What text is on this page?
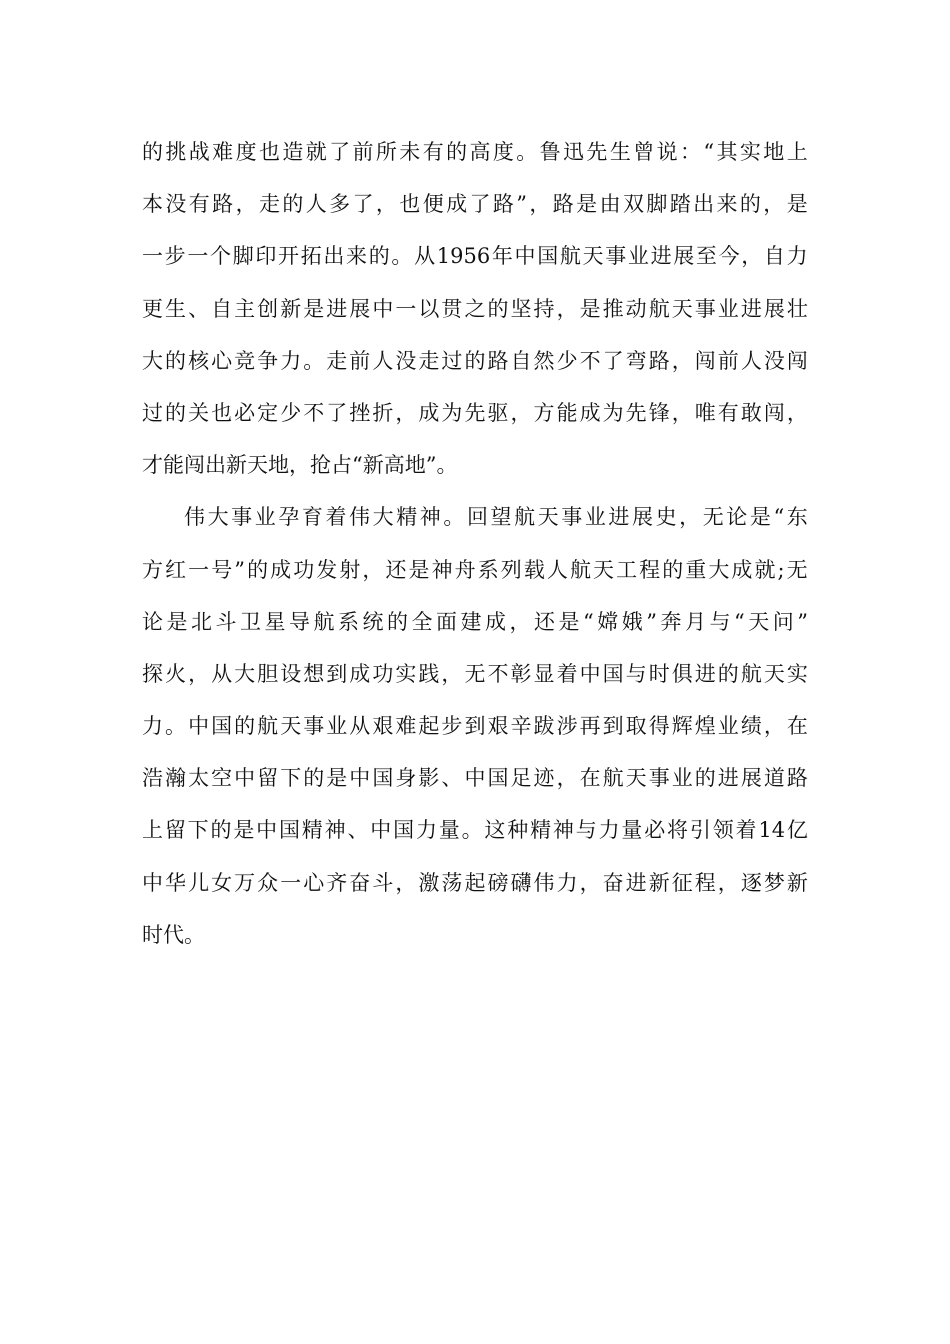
的 挑 战 难 度 也 造 就 了 前 所 未 有 的 高 度 。 鲁 迅 先 生 曾 说 ： “ 其 实 地 上
本 没 有 路 ， 走 的 人 多 了 ， 也 便 成 了 路 ” ， 路 是 由 双 脚 踏 出 来 的 ， 是
一 步 一 个 脚 印 开 拓 出 来 的 。 从 1956 年 中 国 航 天 事 业 进 展 至 今 ， 自 力
更 生 、 自 主 创 新 是 进 展 中 一 以 贯 之 的 坚 持 ， 是 推 动 航 天 事 业 进 展 壮
大 的 核 心 竞 争 力 。 走 前 人 没 走 过 的 路 自 然 少 不 了 弯 路 ， 闯 前 人 没 闯
过 的 关 也 必 定 少 不 了 挫 折 ， 成 为 先 驱 ， 方 能 成 为 先 锋 ， 唯 有 敢 闯 ，
才能闯出新天地，抢占“新高地”。
伟 大 事 业 孕 育 着 伟 大 精 神 。 回 望 航 天 事 业 进 展 史 ， 无 论 是 “ 东
方 红 一 号 ” 的 成 功 发 射 ， 还 是 神 舟 系 列 载 人 航 天 工 程 的 重 大 成 就 ; 无
论 是 北 斗 卫 星 导 航 系 统 的 全 面 建 成 ， 还 是 “ 嫦 娥 ” 奔 月 与 “ 天 问 ”
探 火 ， 从 大 胆 设 想 到 成 功 实 践 ， 无 不 彰 显 着 中 国 与 时 俱 进 的 航 天 实
力 。 中 国 的 航 天 事 业 从 艰 难 起 步 到 艰 辛 跋 涉 再 到 取 得 辉 煌 业 绩 ， 在
浩 瀚 太 空 中 留 下 的 是 中 国 身 影 、 中 国 足 迹 ， 在 航 天 事 业 的 进 展 道 路
上 留 下 的 是 中 国 精 神 、 中 国 力 量 。 这 种 精 神 与 力 量 必 将 引 领 着 14 亿
中 华 儿 女 万 众 一 心 齐 奋 斗 ， 激 荡 起 磅 礴 伟 力 ， 奋 进 新 征 程 ， 逐 梦 新
时代。
